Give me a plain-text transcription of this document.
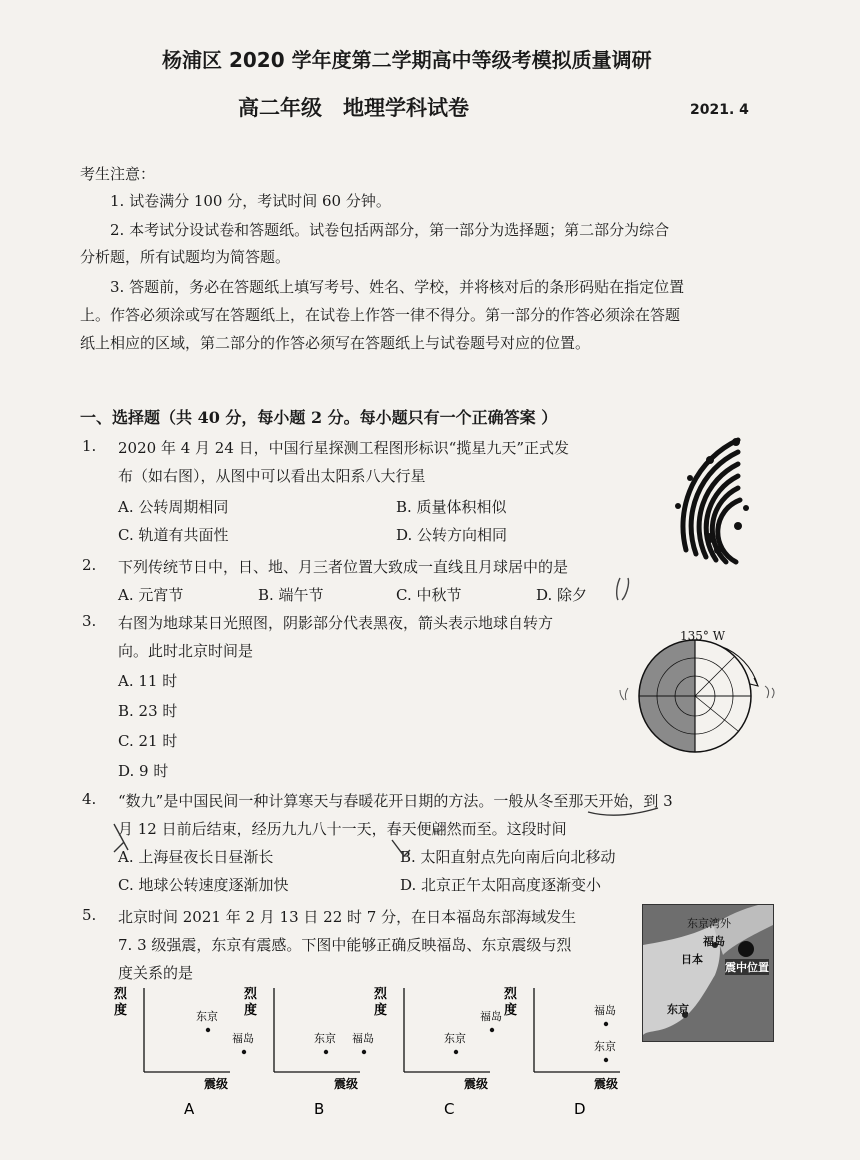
杨浦区 2020 学年度第二学期高中等级考模拟质量调研
高二年级　地理学科试卷	2021. 4
考生注意：
1. 试卷满分 100 分，考试时间 60 分钟。
2. 本考试分设试卷和答题纸。试卷包括两部分，第一部分为选择题；第二部分为综合
分析题，所有试题均为简答题。
3. 答题前，务必在答题纸上填写考号、姓名、学校，并将核对后的条形码贴在指定位置
上。作答必须涂或写在答题纸上，在试卷上作答一律不得分。第一部分的作答必须涂在答题
纸上相应的区域，第二部分的作答必须写在答题纸上与试卷题号对应的位置。
一、选择题（共 40 分，每小题 2 分。每小题只有一个正确答案 ）
1. 2020 年 4 月 24 日，中国行星探测工程图形标识“揽星九天”正式发
布（如右图），从图中可以看出太阳系八大行星
A. 公转周期相同	B. 质量体积相似
C. 轨道有共面性	D. 公转方向相同
2. 下列传统节日中，日、地、月三者位置大致成一直线且月球居中的是
A. 元宵节	B. 端午节	C. 中秋节	D. 除夕
3. 右图为地球某日光照图，阴影部分代表黑夜，箭头表示地球自转方
向。此时北京时间是
A. 11 时
B. 23 时
C. 21 时
D. 9 时
135° W
4. “数九”是中国民间一种计算寒天与春暖花开日期的方法。一般从冬至那天开始，到 3
月 12 日前后结束，经历九九八十一天，春天便翩然而至。这段时间
A. 上海昼夜长日昼渐长	B. 太阳直射点先向南后向北移动
C. 地球公转速度逐渐加快	D. 北京正午太阳高度逐渐变小
5. 北京时间 2021 年 2 月 13 日 22 时 7 分，在日本福岛东部海域发生
7. 3 级强震，东京有震感。下图中能够正确反映福岛、东京震级与烈
度关系的是
东京湾外
福岛
日本
震中位置
东京
烈
度
震级
东京
福岛
A
烈
度
震级
东京 福岛
B
烈
度
震级
福岛
东京
C
烈
度
震级
福岛
东京
D
